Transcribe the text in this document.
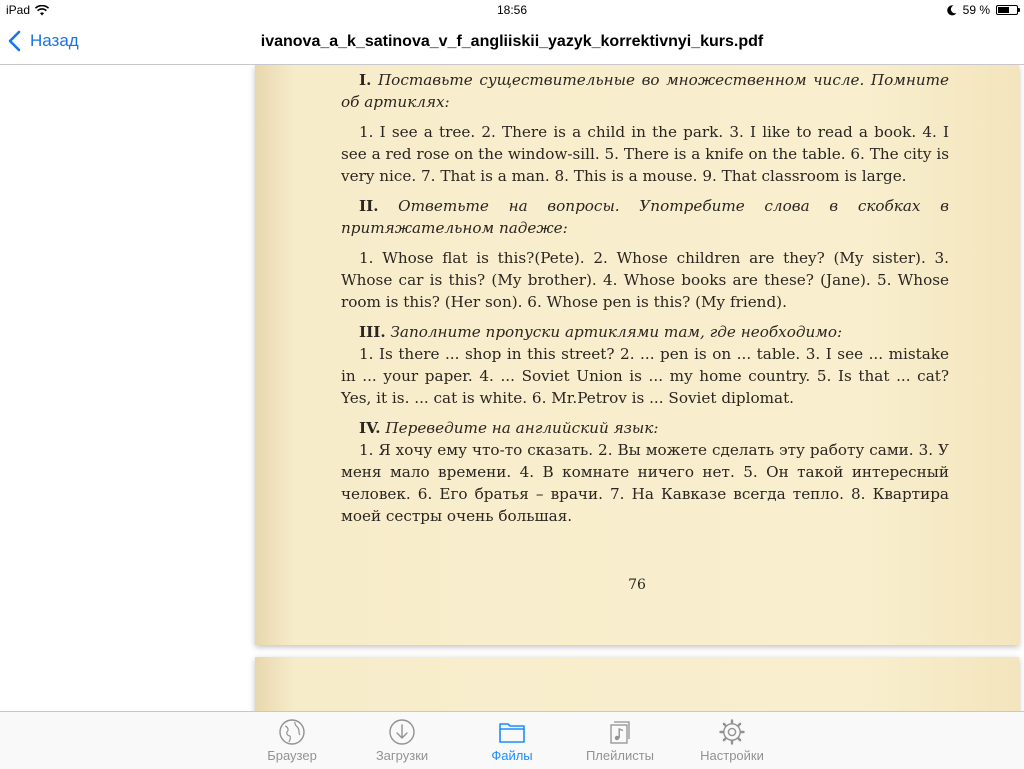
iPad	18:56	59 %
Назад	ivanova_a_k_satinova_v_f_angliiskii_yazyk_korrektivnyi_kurs.pdf

I. Поставьте существительные во множественном числе. Помните об артиклях:

1. I see a tree. 2. There is a child in the park. 3. I like to read a book. 4. I see a red rose on the window-sill. 5. There is a knife on the table. 6. The city is very nice. 7. That is a man. 8. This is a mouse. 9. That classroom is large.

II. Ответьте на вопросы. Употребите слова в скобках в притяжательном падеже:

1. Whose flat is this?(Pete). 2. Whose children are they? (My sister). 3. Whose car is this? (My brother). 4. Whose books are these? (Jane). 5. Whose room is this? (Her son). 6. Whose pen is this? (My friend).

III. Заполните пропуски артиклями там, где необходимо:

1. Is there ... shop in this street? 2. ... pen is on ... table. 3. I see ... mistake in ... your paper. 4. ... Soviet Union is ... my home country. 5. Is that ... cat? Yes, it is. ... cat is white. 6. Mr.Petrov is ... Soviet diplomat.

IV. Переведите на английский язык:

1. Я хочу ему что-то сказать. 2. Вы можете сделать эту работу сами. 3. У меня мало времени. 4. В комнате ничего нет. 5. Он такой интересный человек. 6. Его братья – врачи. 7. На Кавказе всегда тепло. 8. Квартира моей сестры очень большая.

76
Браузер	Загрузки	Файлы	Плейлисты	Настройки
